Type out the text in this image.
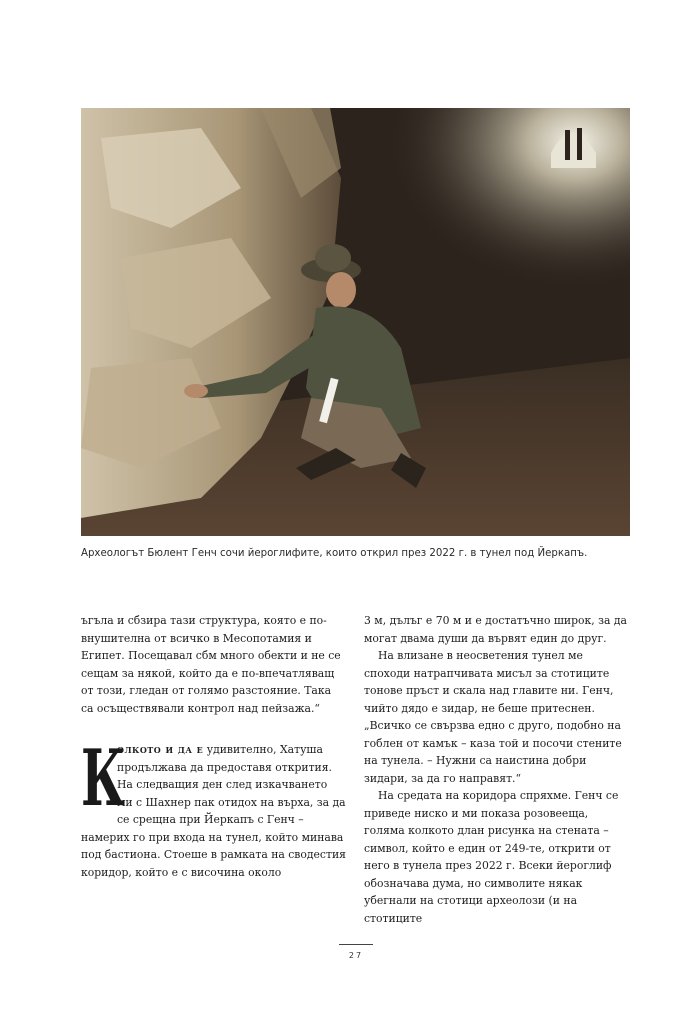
Археологът Бюлент Генч сочи йероглифите, които открил през 2022 г. в тунел под Йеркапъ.

ъгъла и сбзира тази структура, която е по-внушителна от всичко в Месопотамия и Египет. Посещавал сбм много обекти и не се сещам за някой, който да е по-впечатляващ от този, гледан от голямо разстояние. Така са осъществявали контрол над пейзажа.“

К
олкото и да е удивително, Хатуша продължава да предоставя открития. На следващия ден след изкачването ми с Шахнер пак отидох на върха, за да се срещна при Йеркапъ с Генч – намерих го при входа на тунел, който минава под бастиона. Стоеше в рамката на сводестия коридор, който е с височина около

3 м, дълъг е 70 м и е достатъчно широк, за да могат двама души да вървят един до друг.

На влизане в неосветения тунел ме споходи натрапчивата мисъл за стотиците тонове пръст и скала над главите ни. Генч, чийто дядо е зидар, не беше притеснен. „Всичко се свързва едно с друго, подобно на гоблен от камък – каза той и посочи стените на тунела. – Нужни са наистина добри зидари, за да го направят.“

На средата на коридора спряхме. Генч се приведе ниско и ми показа розовееща, голяма колкото длан рисунка на стената – символ, който е един от 249-те, открити от него в тунела през 2022 г. Всеки йероглиф обозначава дума, но символите някак убегнали на стотици археолози (и на стотиците

27
